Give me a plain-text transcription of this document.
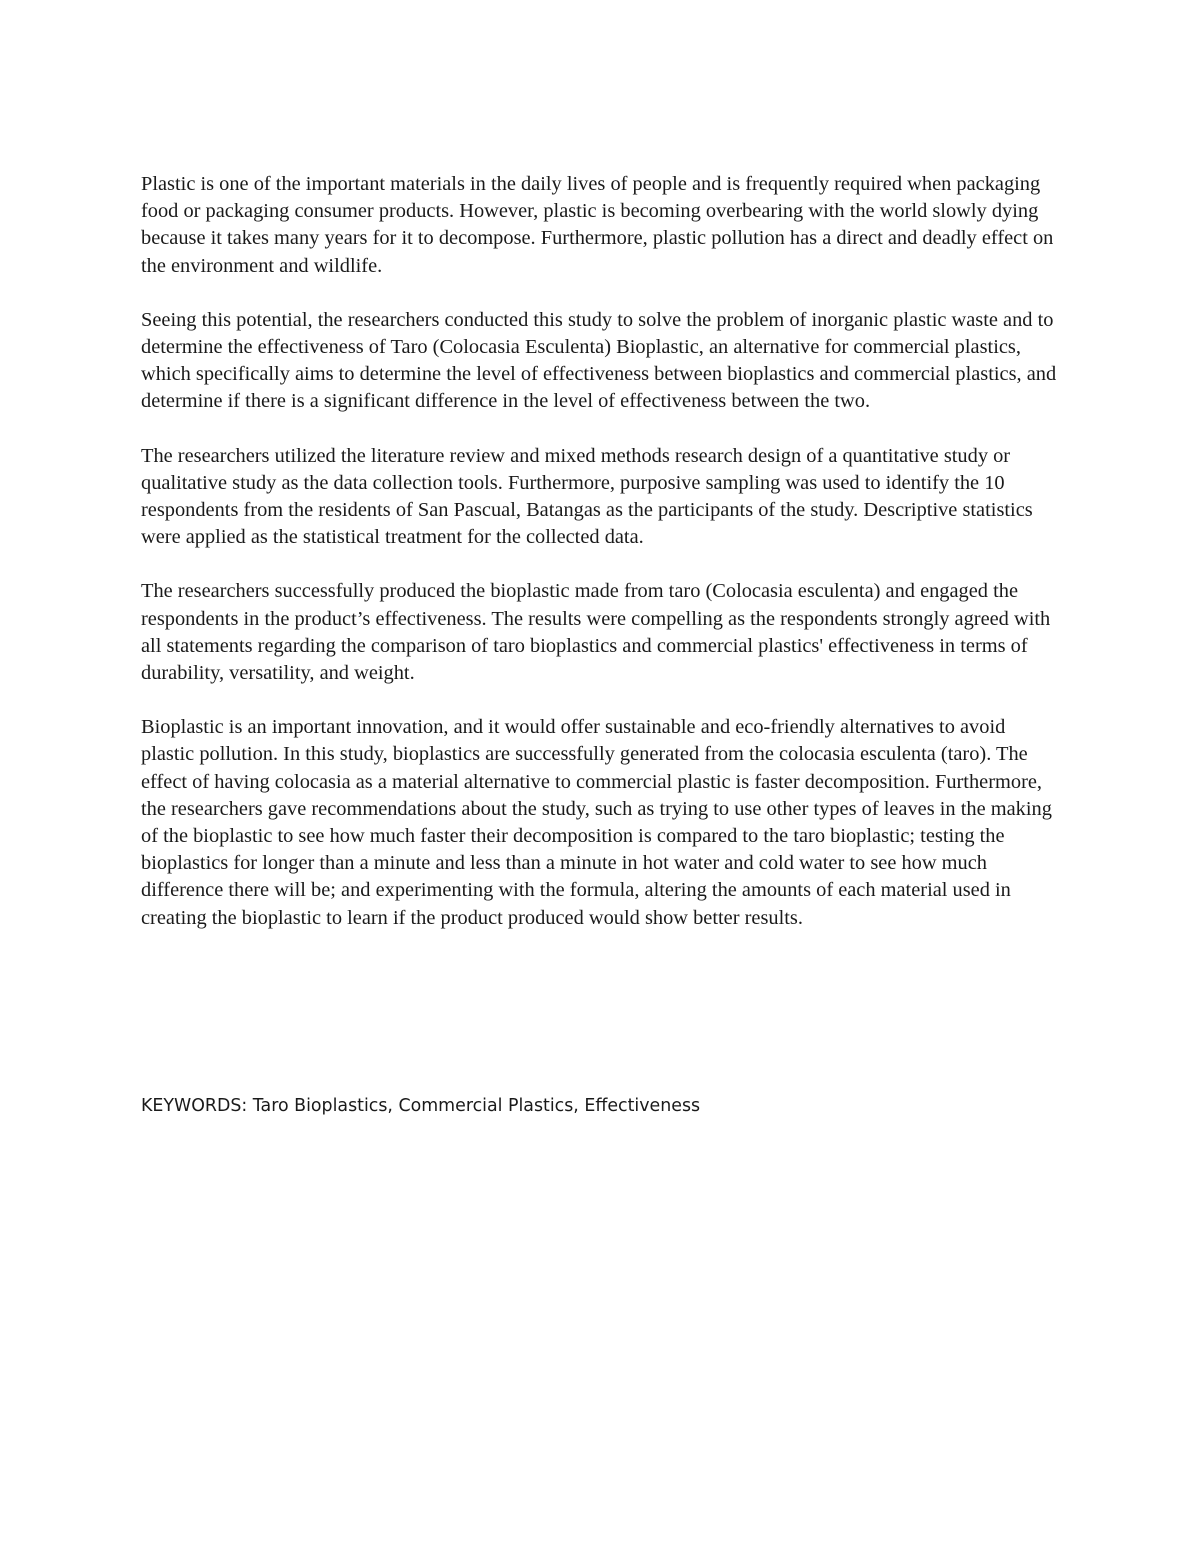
Plastic is one of the important materials in the daily lives of people and is frequently required when packaging food or packaging consumer products. However, plastic is becoming overbearing with the world slowly dying because it takes many years for it to decompose. Furthermore, plastic pollution has a direct and deadly effect on the environment and wildlife.

Seeing this potential, the researchers conducted this study to solve the problem of inorganic plastic waste and to determine the effectiveness of Taro (Colocasia Esculenta) Bioplastic, an alternative for commercial plastics, which specifically aims to determine the level of effectiveness between bioplastics and commercial plastics, and determine if there is a significant difference in the level of effectiveness between the two.

The researchers utilized the literature review and mixed methods research design of a quantitative study or qualitative study as the data collection tools. Furthermore, purposive sampling was used to identify the 10 respondents from the residents of San Pascual, Batangas as the participants of the study. Descriptive statistics were applied as the statistical treatment for the collected data.

The researchers successfully produced the bioplastic made from taro (Colocasia esculenta) and engaged the respondents in the product’s effectiveness. The results were compelling as the respondents strongly agreed with all statements regarding the comparison of taro bioplastics and commercial plastics' effectiveness in terms of durability, versatility, and weight.

Bioplastic is an important innovation, and it would offer sustainable and eco-friendly alternatives to avoid plastic pollution. In this study, bioplastics are successfully generated from the colocasia esculenta (taro). The effect of having colocasia as a material alternative to commercial plastic is faster decomposition. Furthermore, the researchers gave recommendations about the study, such as trying to use other types of leaves in the making of the bioplastic to see how much faster their decomposition is compared to the taro bioplastic; testing the bioplastics for longer than a minute and less than a minute in hot water and cold water to see how much difference there will be; and experimenting with the formula, altering the amounts of each material used in creating the bioplastic to learn if the product produced would show better results.

KEYWORDS: Taro Bioplastics, Commercial Plastics, Effectiveness
